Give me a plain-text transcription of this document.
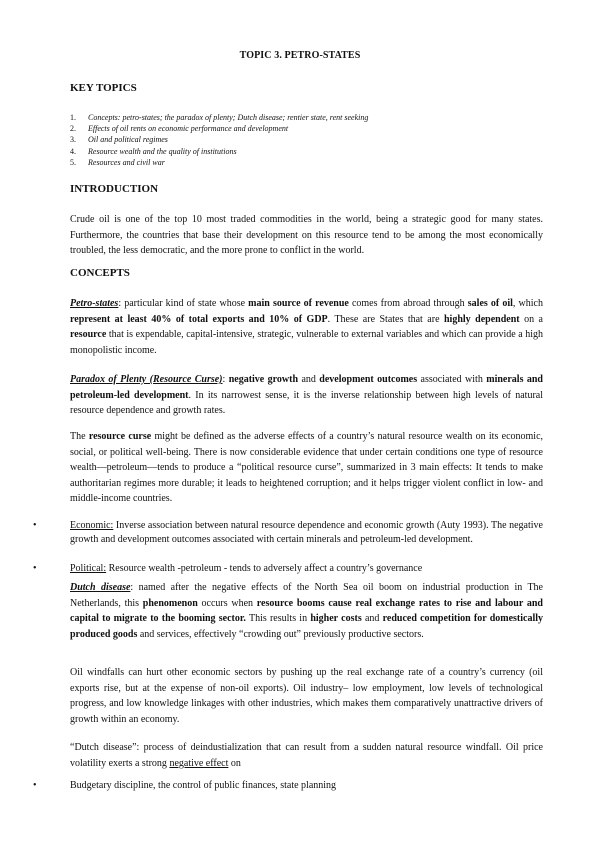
TOPIC 3. PETRO-STATES
KEY TOPICS
1. Concepts: petro-states; the paradox of plenty; Dutch disease; rentier state, rent seeking
2. Effects of oil rents on economic performance and development
3. Oil and political regimes
4. Resource wealth and the quality of institutions
5. Resources and civil war
INTRODUCTION

Crude oil is one of the top 10 most traded commodities in the world, being a strategic good for many states. Furthermore, the countries that base their development on this resource tend to be among the most economically troubled, the less democratic, and the more prone to conflict in the world.

CONCEPTS

Petro-states: particular kind of state whose main source of revenue comes from abroad through sales of oil, which represent at least 40% of total exports and 10% of GDP. These are States that are highly dependent on a resource that is expendable, capital-intensive, strategic, vulnerable to external variables and which can provide a high monopolistic income.

Paradox of Plenty (Resource Curse): negative growth and development outcomes associated with minerals and petroleum-led development. In its narrowest sense, it is the inverse relationship between high levels of natural resource dependence and growth rates.

The resource curse might be defined as the adverse effects of a country’s natural resource wealth on its economic, social, or political well-being. There is now considerable evidence that under certain conditions one type of resource wealth—petroleum—tends to produce a “political resource curse”, summarized in 3 main effects: It tends to make authoritarian regimes more durable; it leads to heightened corruption; and it helps trigger violent conflict in low- and middle-income countries.

•	Economic: Inverse association between natural resource dependence and economic growth (Auty 1993). The negative growth and development outcomes associated with certain minerals and petroleum-led development.
•	Political: Resource wealth -petroleum - tends to adversely affect a country’s governance

Dutch disease: named after the negative effects of the North Sea oil boom on industrial production in The Netherlands, this phenomenon occurs when resource booms cause real exchange rates to rise and labour and capital to migrate to the booming sector. This results in higher costs and reduced competition for domestically produced goods and services, effectively “crowding out” previously productive sectors.

Oil windfalls can hurt other economic sectors by pushing up the real exchange rate of a country’s currency (oil exports rise, but at the expense of non-oil exports). Oil industry– low employment, low levels of technological progress, and low knowledge linkages with other industries, which makes them comparatively unattractive drivers of growth within an economy.

“Dutch disease”: process of deindustialization that can result from a sudden natural resource windfall. Oil price volatility exerts a strong negative effect on

•	Budgetary discipline, the control of public finances, state planning
